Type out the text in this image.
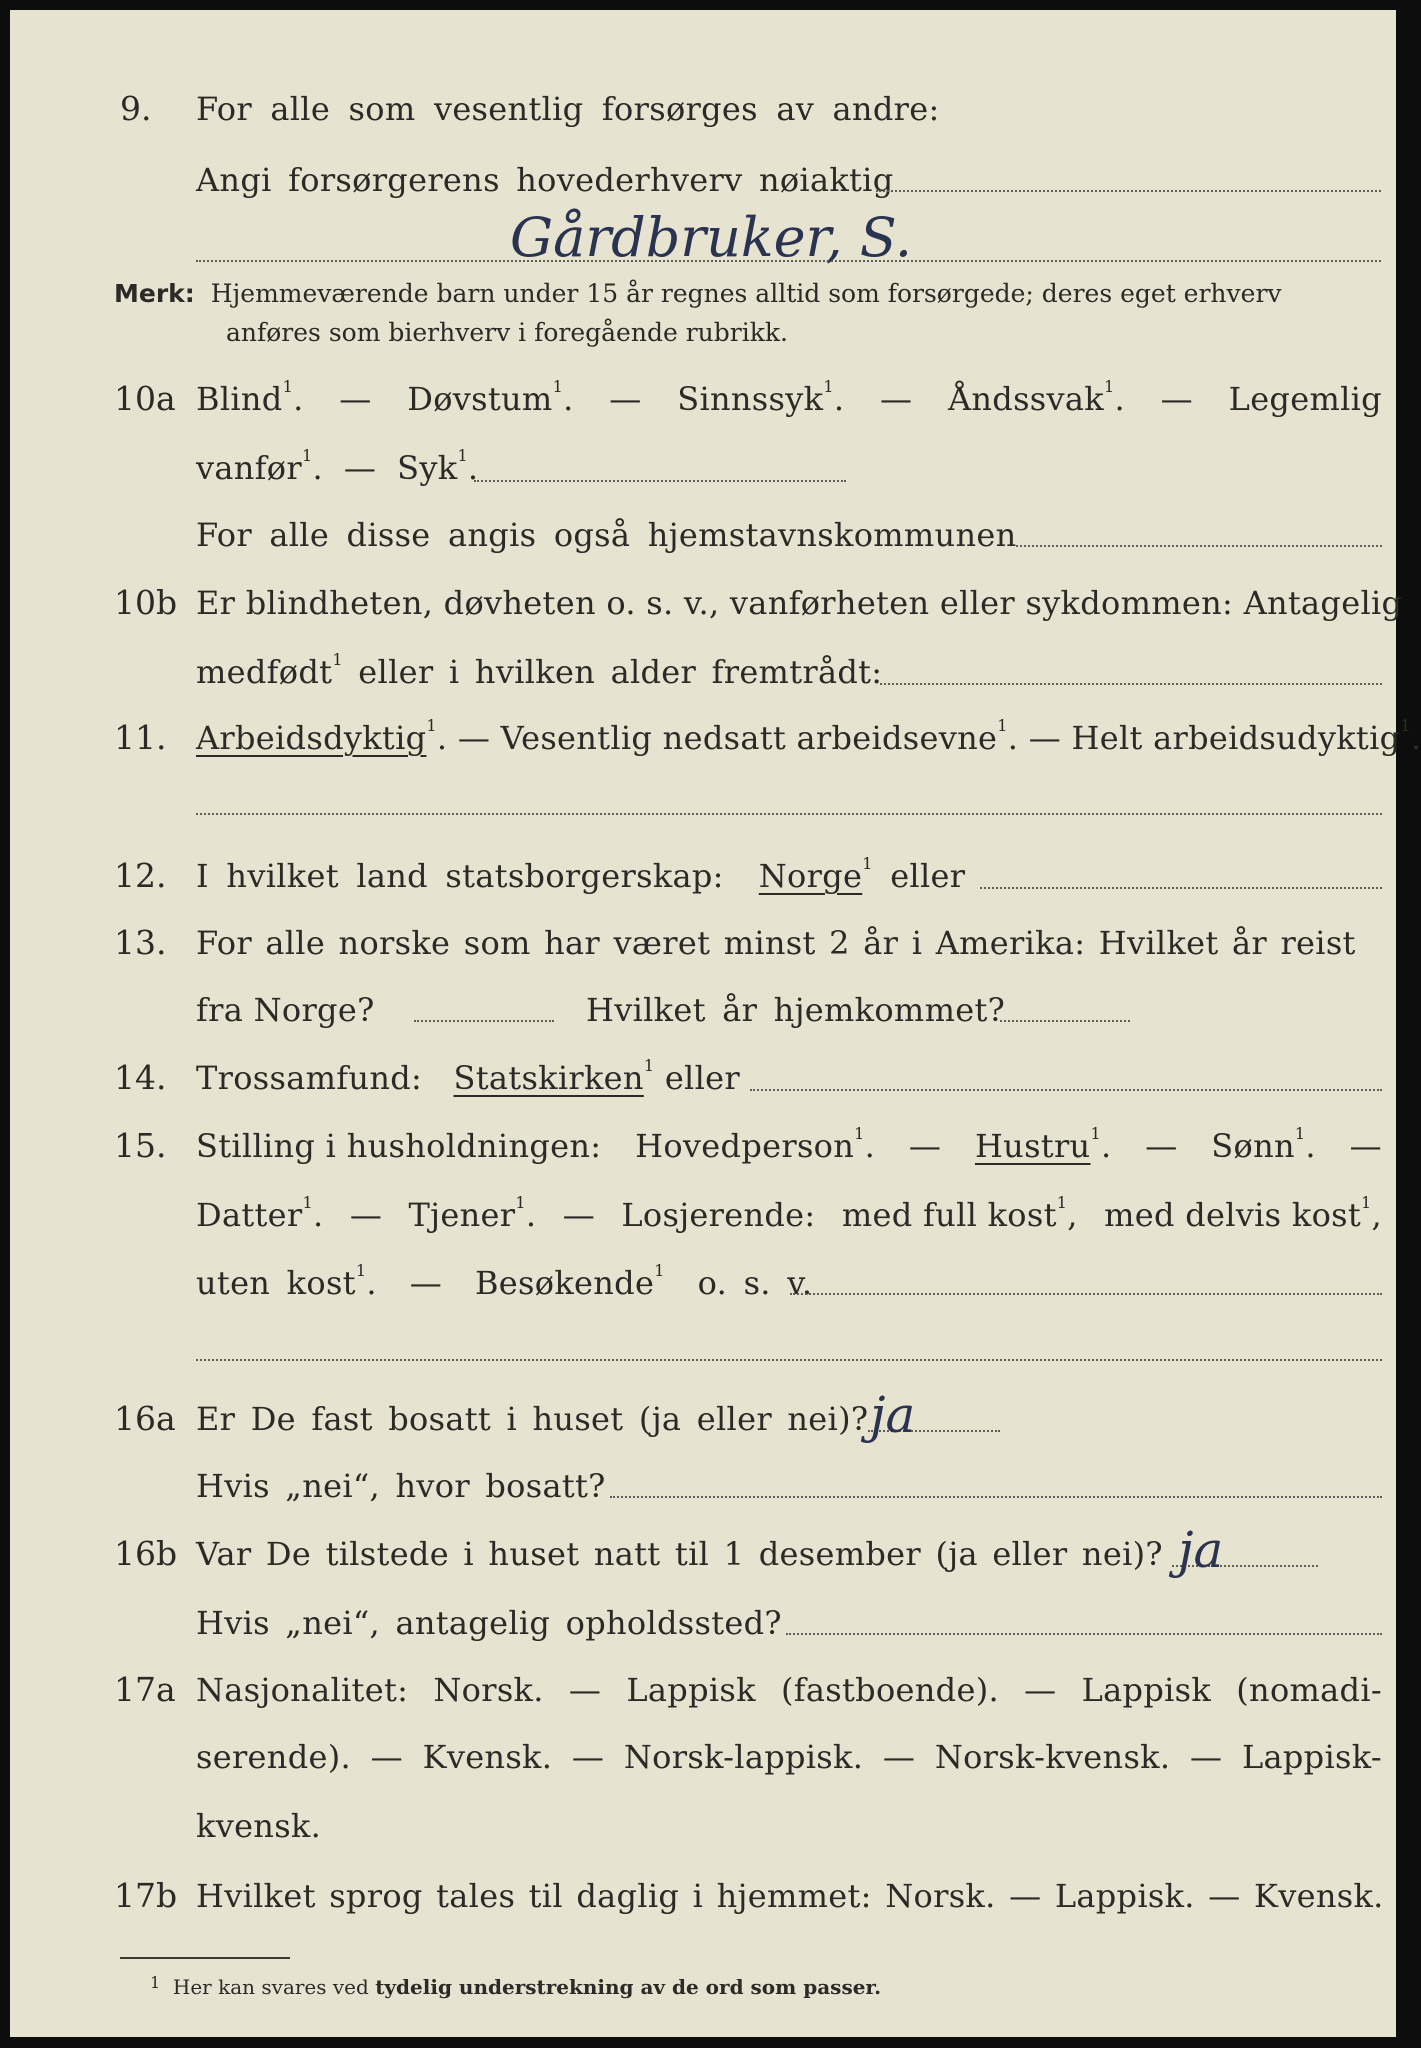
9. For alle som vesentlig forsørges av andre:
Angi forsørgerens hovederhverv nøiaktig
Gårdbruker, S.
Merk: Hjemmeværende barn under 15 år regnes alltid som forsørgede; deres eget erhverv
anføres som bierhverv i foregående rubrikk.
10a Blind$^1$. — Døvstum$^1$. — Sinnssyk$^1$. — Åndssvak$^1$. — Legemlig
vanfør$^1$.  —  Syk$^1$.
For alle disse angis også hjemstavnskommunen
10b Er blindheten, døvheten o. s. v., vanførheten eller sykdommen: Antagelig
medfødt$^1$ eller i hvilken alder fremtrådt:
11. Arbeidsdyktig$^1$. — Vesentlig nedsatt arbeidsevne$^1$. — Helt arbeidsudyktig$^1$.
12. I hvilket land statsborgerskap: Norge$^1$ eller
13. For alle norske som har været minst 2 år i Amerika: Hvilket år reist
fra Norge?	Hvilket år hjemkommet?
14. Trossamfund: Statskirken$^1$ eller
15. Stilling i husholdningen: Hovedperson$^1$. — Hustru$^1$. — Sønn$^1$. —
Datter$^1$. — Tjener$^1$. — Losjerende: med full kost$^1$, med delvis kost$^1$,
uten kost$^1$.  —  Besøkende$^1$ o. s. v.
16a Er De fast bosatt i huset (ja eller nei)? ja
Hvis „nei“, hvor bosatt?
16b Var De tilstede i huset natt til 1 desember (ja eller nei)? ja
Hvis „nei“, antagelig opholdssted?
17a Nasjonalitet: Norsk. — Lappisk (fastboende). — Lappisk (nomadi-
serende). — Kvensk. — Norsk-lappisk. — Norsk-kvensk. — Lappisk-
kvensk.
17b Hvilket sprog tales til daglig i hjemmet: Norsk. — Lappisk. — Kvensk.
$^1$ Her kan svares ved tydelig understrekning av de ord som passer.
